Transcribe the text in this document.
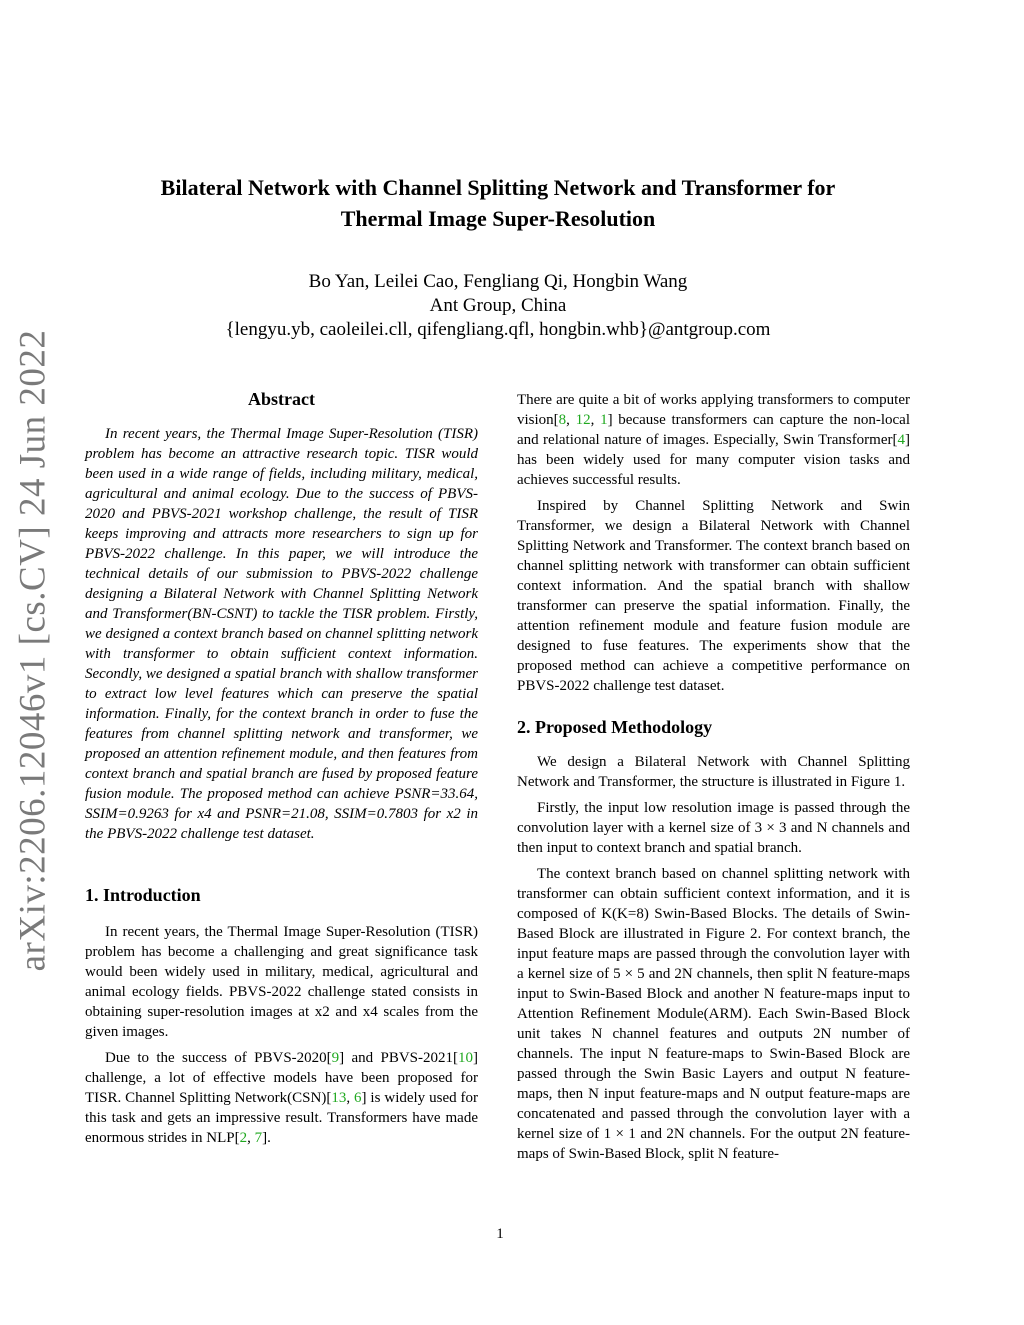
arXiv:2206.12046v1 [cs.CV] 24 Jun 2022
Bilateral Network with Channel Splitting Network and Transformer for
Thermal Image Super-Resolution
Bo Yan, Leilei Cao, Fengliang Qi, Hongbin Wang
Ant Group, China
{lengyu.yb, caoleilei.cll, qifengliang.qfl, hongbin.whb}@antgroup.com
Abstract

In recent years, the Thermal Image Super-Resolution (TISR) problem has become an attractive research topic. TISR would been used in a wide range of fields, including military, medical, agricultural and animal ecology. Due to the success of PBVS-2020 and PBVS-2021 workshop challenge, the result of TISR keeps improving and attracts more researchers to sign up for PBVS-2022 challenge. In this paper, we will introduce the technical details of our submission to PBVS-2022 challenge designing a Bilateral Network with Channel Splitting Network and Transformer(BN-CSNT) to tackle the TISR problem. Firstly, we designed a context branch based on channel splitting network with transformer to obtain sufficient context information. Secondly, we designed a spatial branch with shallow transformer to extract low level features which can preserve the spatial information. Finally, for the context branch in order to fuse the features from channel splitting network and transformer, we proposed an attention refinement module, and then features from context branch and spatial branch are fused by proposed feature fusion module. The proposed method can achieve PSNR=33.64, SSIM=0.9263 for x4 and PSNR=21.08, SSIM=0.7803 for x2 in the PBVS-2022 challenge test dataset.

1. Introduction

In recent years, the Thermal Image Super-Resolution (TISR) problem has become a challenging and great significance task would been widely used in military, medical, agricultural and animal ecology fields. PBVS-2022 challenge stated consists in obtaining super-resolution images at x2 and x4 scales from the given images.

Due to the success of PBVS-2020[9] and PBVS-2021[10] challenge, a lot of effective models have been proposed for TISR. Channel Splitting Network(CSN)[13, 6] is widely used for this task and gets an impressive result. Transformers have made enormous strides in NLP[2, 7].

There are quite a bit of works applying transformers to computer vision[8, 12, 1] because transformers can capture the non-local and relational nature of images. Especially, Swin Transformer[4] has been widely used for many computer vision tasks and achieves successful results.

Inspired by Channel Splitting Network and Swin Transformer, we design a Bilateral Network with Channel Splitting Network and Transformer. The context branch based on channel splitting network with transformer can obtain sufficient context information. And the spatial branch with shallow transformer can preserve the spatial information. Finally, the attention refinement module and feature fusion module are designed to fuse features. The experiments show that the proposed method can achieve a competitive performance on PBVS-2022 challenge test dataset.

2. Proposed Methodology

We design a Bilateral Network with Channel Splitting Network and Transformer, the structure is illustrated in Figure 1.

Firstly, the input low resolution image is passed through the convolution layer with a kernel size of 3 × 3 and N channels and then input to context branch and spatial branch.

The context branch based on channel splitting network with transformer can obtain sufficient context information, and it is composed of K(K=8) Swin-Based Blocks. The details of Swin-Based Block are illustrated in Figure 2. For context branch, the input feature maps are passed through the convolution layer with a kernel size of 5 × 5 and 2N channels, then split N feature-maps input to Swin-Based Block and another N feature-maps input to Attention Refinement Module(ARM). Each Swin-Based Block unit takes N channel features and outputs 2N number of channels. The input N feature-maps to Swin-Based Block are passed through the Swin Basic Layers and output N feature-maps, then N input feature-maps and N output feature-maps are concatenated and passed through the convolution layer with a kernel size of 1 × 1 and 2N channels. For the output 2N feature-maps of Swin-Based Block, split N feature-

1
